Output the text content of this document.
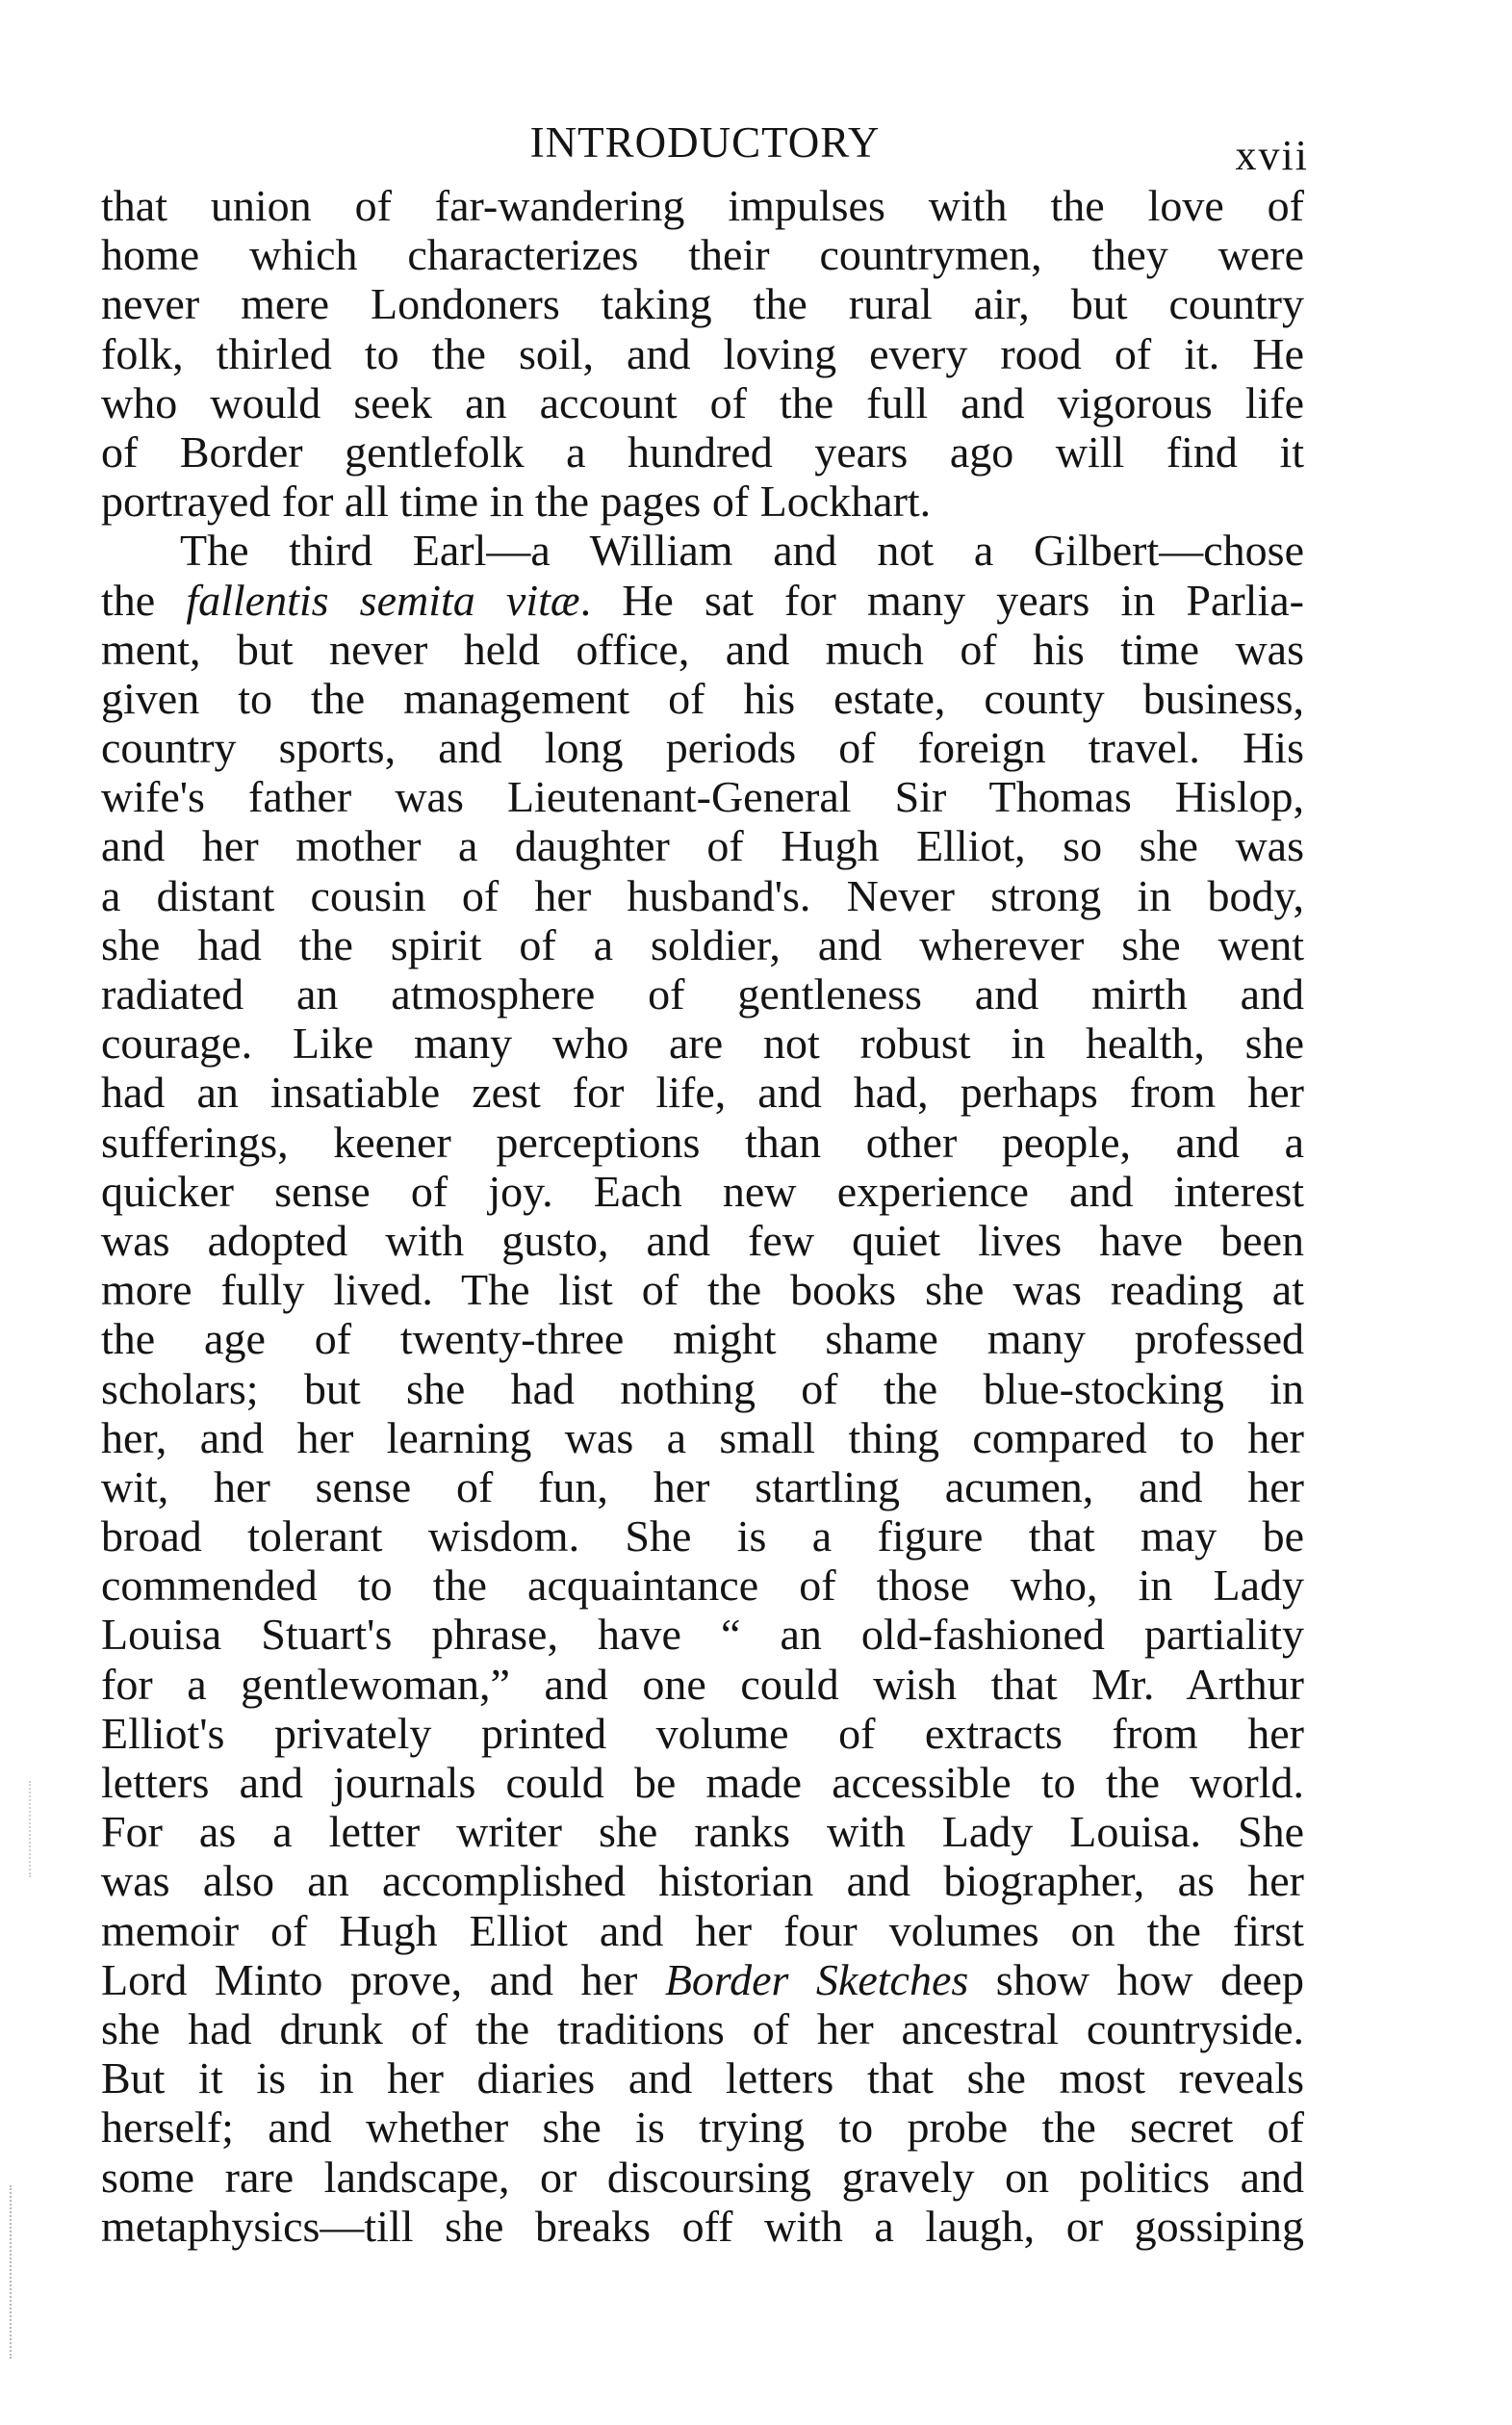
INTRODUCTORY	xvii
that union of far-wandering impulses with the love of
home which characterizes their countrymen, they were
never mere Londoners taking the rural air, but country
folk, thirled to the soil, and loving every rood of it. He
who would seek an account of the full and vigorous life
of Border gentlefolk a hundred years ago will find it
portrayed for all time in the pages of Lockhart.
The third Earl—a William and not a Gilbert—chose
the fallentis semita vitæ. He sat for many years in Parlia-
ment, but never held office, and much of his time was
given to the management of his estate, county business,
country sports, and long periods of foreign travel. His
wife's father was Lieutenant-General Sir Thomas Hislop,
and her mother a daughter of Hugh Elliot, so she was
a distant cousin of her husband's. Never strong in body,
she had the spirit of a soldier, and wherever she went
radiated an atmosphere of gentleness and mirth and
courage. Like many who are not robust in health, she
had an insatiable zest for life, and had, perhaps from her
sufferings, keener perceptions than other people, and a
quicker sense of joy. Each new experience and interest
was adopted with gusto, and few quiet lives have been
more fully lived. The list of the books she was reading at
the age of twenty-three might shame many professed
scholars; but she had nothing of the blue-stocking in
her, and her learning was a small thing compared to her
wit, her sense of fun, her startling acumen, and her
broad tolerant wisdom. She is a figure that may be
commended to the acquaintance of those who, in Lady
Louisa Stuart's phrase, have “ an old-fashioned partiality
for a gentlewoman,” and one could wish that Mr. Arthur
Elliot's privately printed volume of extracts from her
letters and journals could be made accessible to the world.
For as a letter writer she ranks with Lady Louisa. She
was also an accomplished historian and biographer, as her
memoir of Hugh Elliot and her four volumes on the first
Lord Minto prove, and her Border Sketches show how deep
she had drunk of the traditions of her ancestral countryside.
But it is in her diaries and letters that she most reveals
herself; and whether she is trying to probe the secret of
some rare landscape, or discoursing gravely on politics and
metaphysics—till she breaks off with a laugh, or gossiping
